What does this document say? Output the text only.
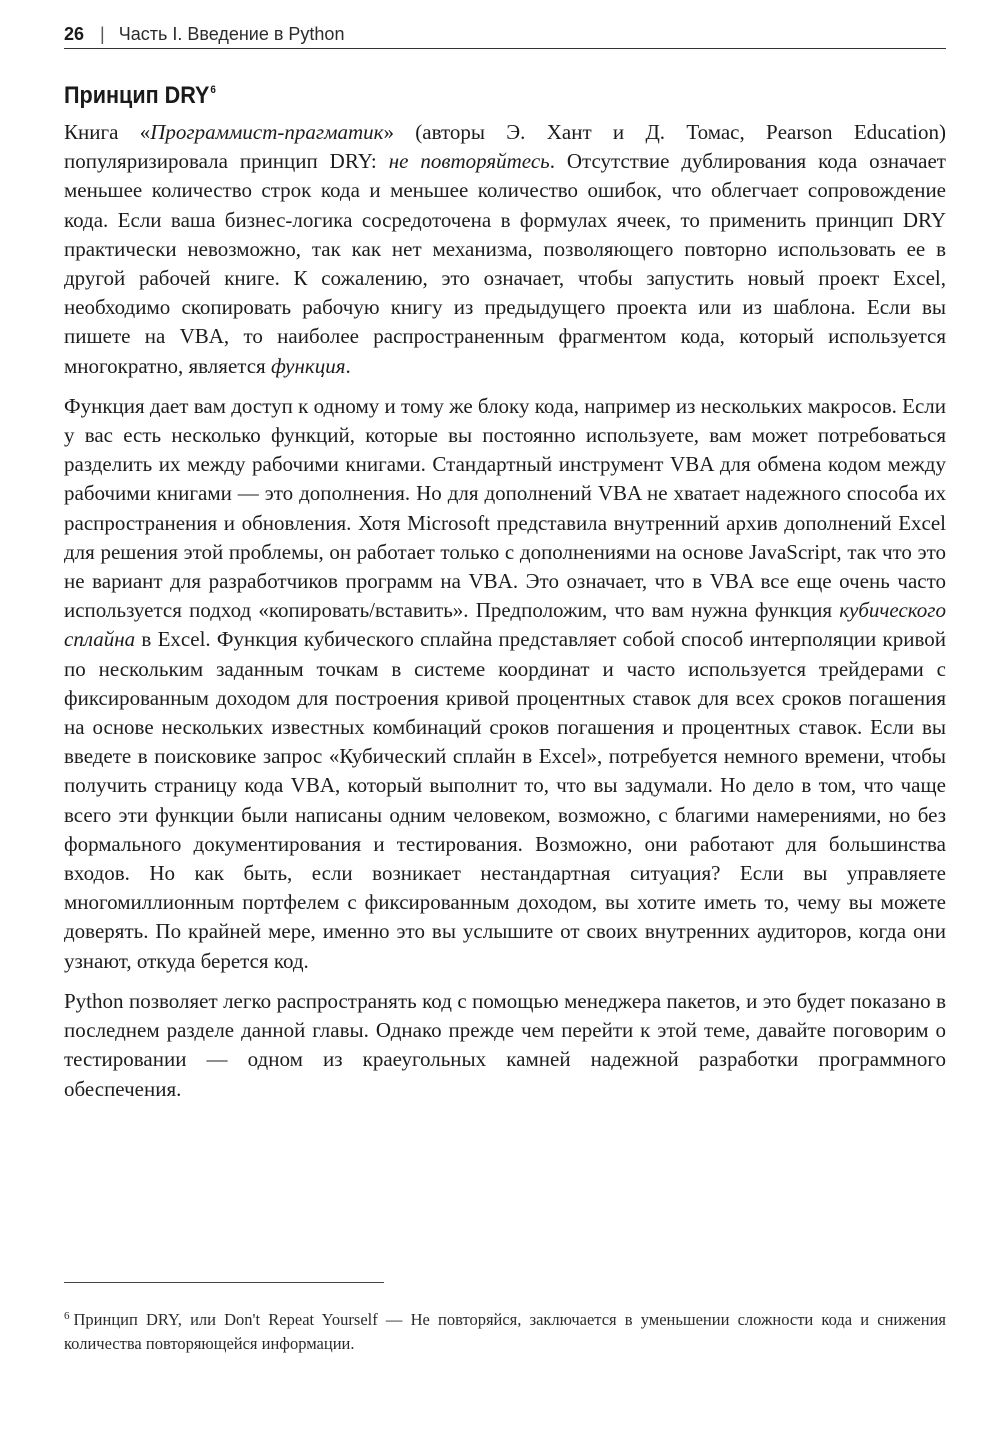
26 | Часть I. Введение в Python
Принцип DRY$^6$

Книга «Программист-прагматик» (авторы Э. Хант и Д. Томас, Pearson Education) популяризировала принцип DRY: не повторяйтесь. Отсутствие дублирования кода означает меньшее количество строк кода и меньшее количество ошибок, что облегчает сопровождение кода. Если ваша бизнес-логика сосредоточена в формулах ячеек, то применить принцип DRY практически невозможно, так как нет механизма, позволяющего повторно использовать ее в другой рабочей книге. К сожалению, это означает, чтобы запустить новый проект Excel, необходимо скопировать рабочую книгу из предыдущего проекта или из шаблона. Если вы пишете на VBA, то наиболее распространенным фрагментом кода, который используется многократно, является функция.

Функция дает вам доступ к одному и тому же блоку кода, например из нескольких макросов. Если у вас есть несколько функций, которые вы постоянно используете, вам может потребоваться разделить их между рабочими книгами. Стандартный инструмент VBA для обмена кодом между рабочими книгами — это дополнения. Но для дополнений VBA не хватает надежного способа их распространения и обновления. Хотя Microsoft представила внутренний архив дополнений Excel для решения этой проблемы, он работает только с дополнениями на основе JavaScript, так что это не вариант для разработчиков программ на VBA. Это означает, что в VBA все еще очень часто используется подход «копировать/вставить». Предположим, что вам нужна функция кубического сплайна в Excel. Функция кубического сплайна представляет собой способ интерполяции кривой по нескольким заданным точкам в системе координат и часто используется трейдерами с фиксированным доходом для построения кривой процентных ставок для всех сроков погашения на основе нескольких известных комбинаций сроков погашения и процентных ставок. Если вы введете в поисковике запрос «Кубический сплайн в Excel», потребуется немного времени, чтобы получить страницу кода VBA, который выполнит то, что вы задумали. Но дело в том, что чаще всего эти функции были написаны одним человеком, возможно, с благими намерениями, но без формального документирования и тестирования. Возможно, они работают для большинства входов. Но как быть, если возникает нестандартная ситуация? Если вы управляете многомиллионным портфелем с фиксированным доходом, вы хотите иметь то, чему вы можете доверять. По крайней мере, именно это вы услышите от своих внутренних аудиторов, когда они узнают, откуда берется код.

Python позволяет легко распространять код с помощью менеджера пакетов, и это будет показано в последнем разделе данной главы. Однако прежде чем перейти к этой теме, давайте поговорим о тестировании — одном из краеугольных камней надежной разработки программного обеспечения.

$^6$ Принцип DRY, или Don't Repeat Yourself — Не повторяйся, заключается в уменьшении сложности кода и снижения количества повторяющейся информации.
